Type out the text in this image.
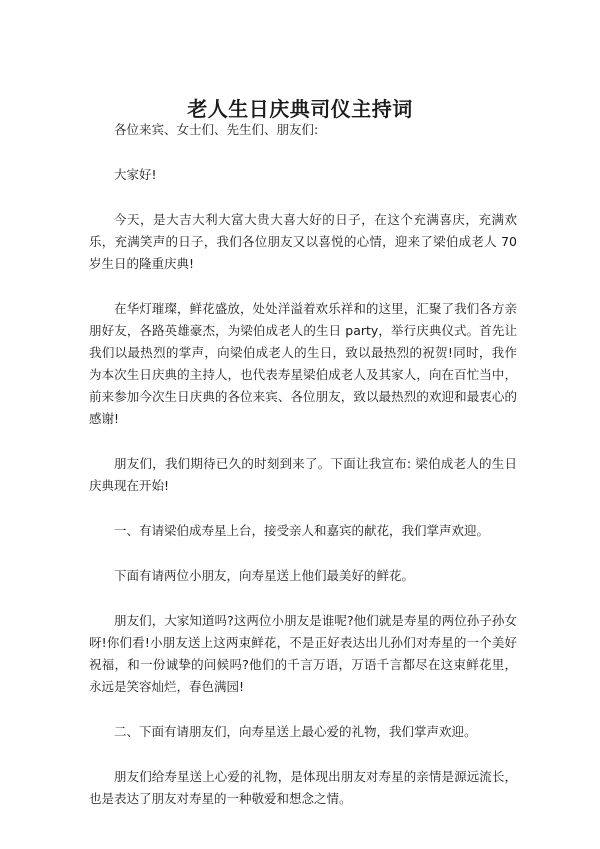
老人生日庆典司仪主持词

各位来宾、女士们、先生们、朋友们:

大家好!

今天，是大吉大利大富大贵大喜大好的日子，在这个充满喜庆，充满欢乐，充满笑声的日子，我们各位朋友又以喜悦的心情，迎来了梁伯成老人 70 岁生日的隆重庆典!

在华灯璀璨，鲜花盛放，处处洋溢着欢乐祥和的这里，汇聚了我们各方亲朋好友，各路英雄豪杰，为梁伯成老人的生日 party，举行庆典仪式。首先让我们以最热烈的掌声，向梁伯成老人的生日，致以最热烈的祝贺!同时，我作为本次生日庆典的主持人，也代表寿星梁伯成老人及其家人，向在百忙当中，前来参加今次生日庆典的各位来宾、各位朋友，致以最热烈的欢迎和最衷心的感谢!

朋友们，我们期待已久的时刻到来了。下面让我宣布: 梁伯成老人的生日庆典现在开始!

一、有请梁伯成寿星上台，接受亲人和嘉宾的献花，我们掌声欢迎。

下面有请两位小朋友，向寿星送上他们最美好的鲜花。

朋友们，大家知道吗?这两位小朋友是谁呢?他们就是寿星的两位孙子孙女呀!你们看!小朋友送上这两束鲜花，不是正好表达出儿孙们对寿星的一个美好祝福，和一份诚挚的问候吗?他们的千言万语，万语千言都尽在这束鲜花里，永远是笑容灿烂，春色满园!

二、下面有请朋友们，向寿星送上最心爱的礼物，我们掌声欢迎。

朋友们给寿星送上心爱的礼物，是体现出朋友对寿星的亲情是源远流长，也是表达了朋友对寿星的一种敬爱和想念之情。
